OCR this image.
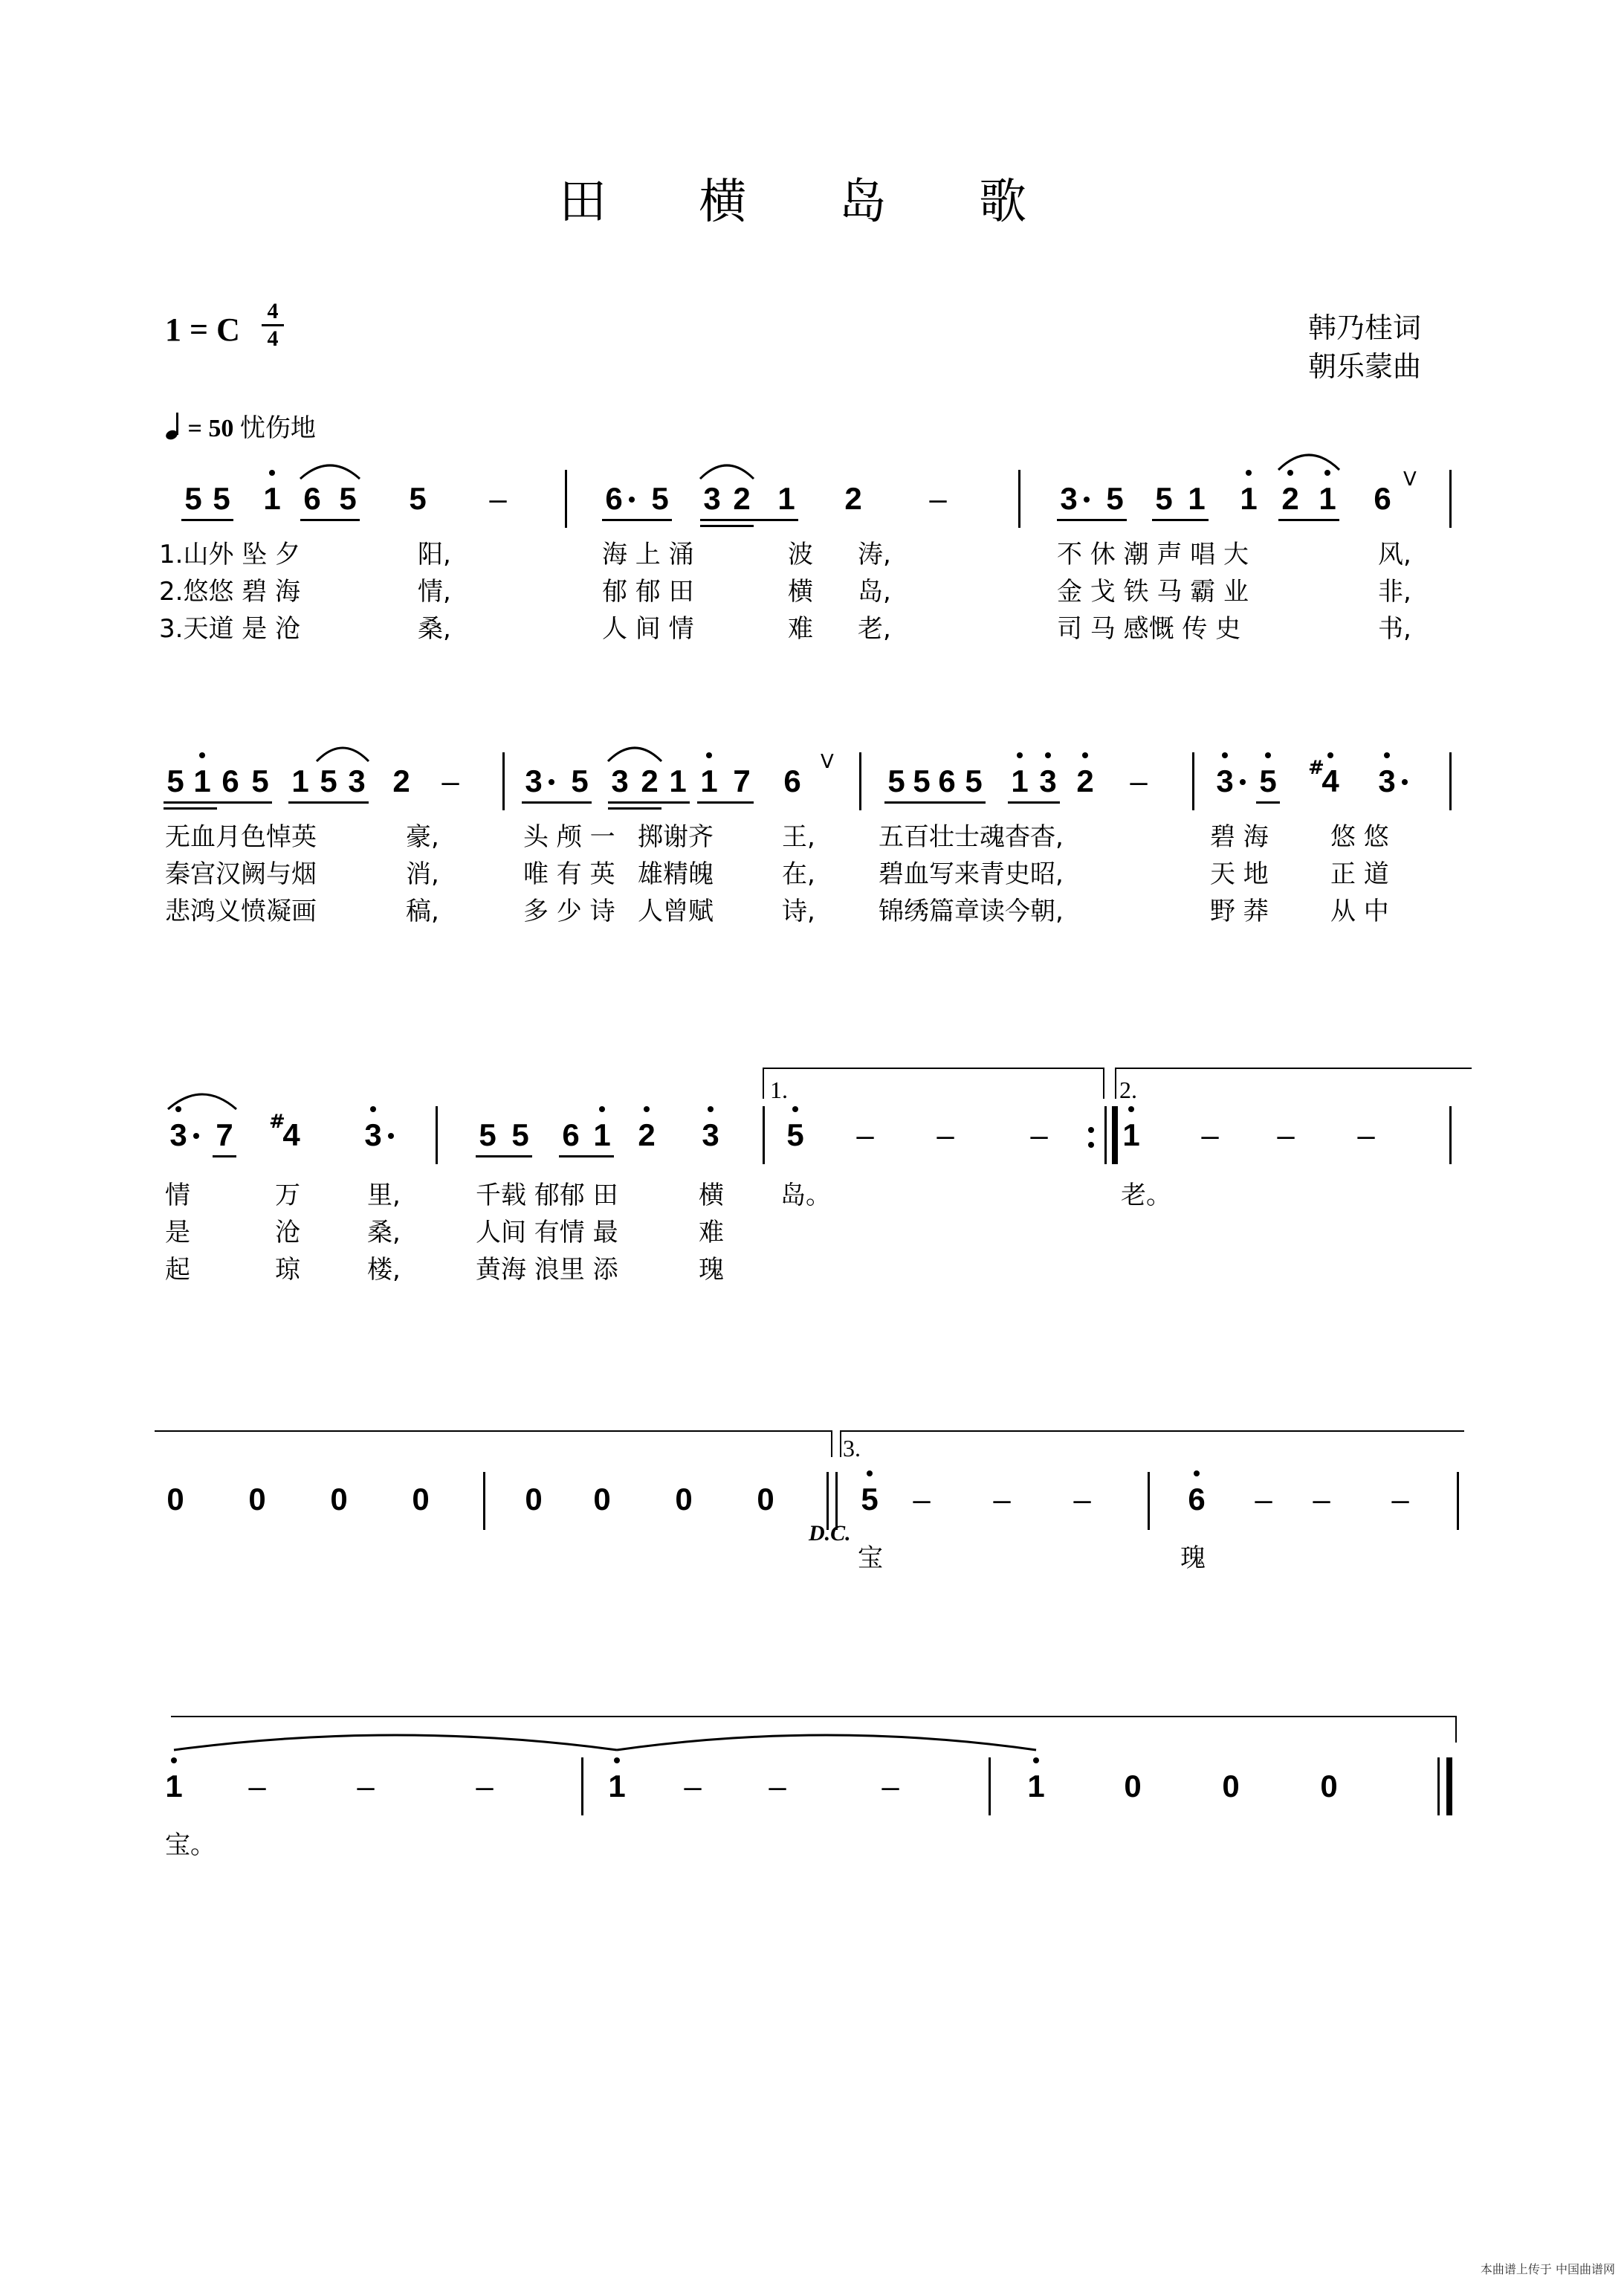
田 横 岛 歌
1 = C
4
4	韩乃桂词
朝乐蒙曲
= 50 忧伤地
5 5 1 6 5 5 –	6 5 3 2 1 2 –	3 5 5 1 1 2 1 6
V
5 1 6 5 1 5 3 2 – 3 5 3 2 1 1 7 6
V
5 5 6 5 1 3 2 – 3 5 4
# 3
3 7 4
#	3	5 5 6 1 2 3 5 – – – 1 – – –
0 0 0 0	0 0 0 0	5 – – –	6 – – –
1 –	–	–	1 – –	–	1	0	0	0
1.山外 坠 夕	阳,	海 上 涌	波 涛,	不 休 潮 声 唱 大	风,
2.悠悠 碧 海	情,	郁 郁 田	横 岛,	金 戈 铁 马 霸 业	非,
3.天道 是 沧	桑,	人 间 情	难 老,	司 马 感慨 传 史	书,
无血月色悼英	豪,	头 颅 一 掷谢齐	王,	五百壮士魂杳杳,	碧 海 悠 悠
秦宫汉阙与烟	消,	唯 有 英 雄精魄	在,	碧血写来青史昭,	天 地 正 道
悲鸿义愤凝画	稿,	多 少 诗 人曾赋	诗,	锦绣篇章读今朝,	野 莽 从 中
情	万	里,	千载 郁郁 田	横 岛。	老。
是	沧	桑,	人间 有情 最	难
起	琼	楼,	黄海 浪里 添	瑰
1.	2.
3.
D.C.
宝	瑰
宝。
本曲谱上传于 中国曲谱网
